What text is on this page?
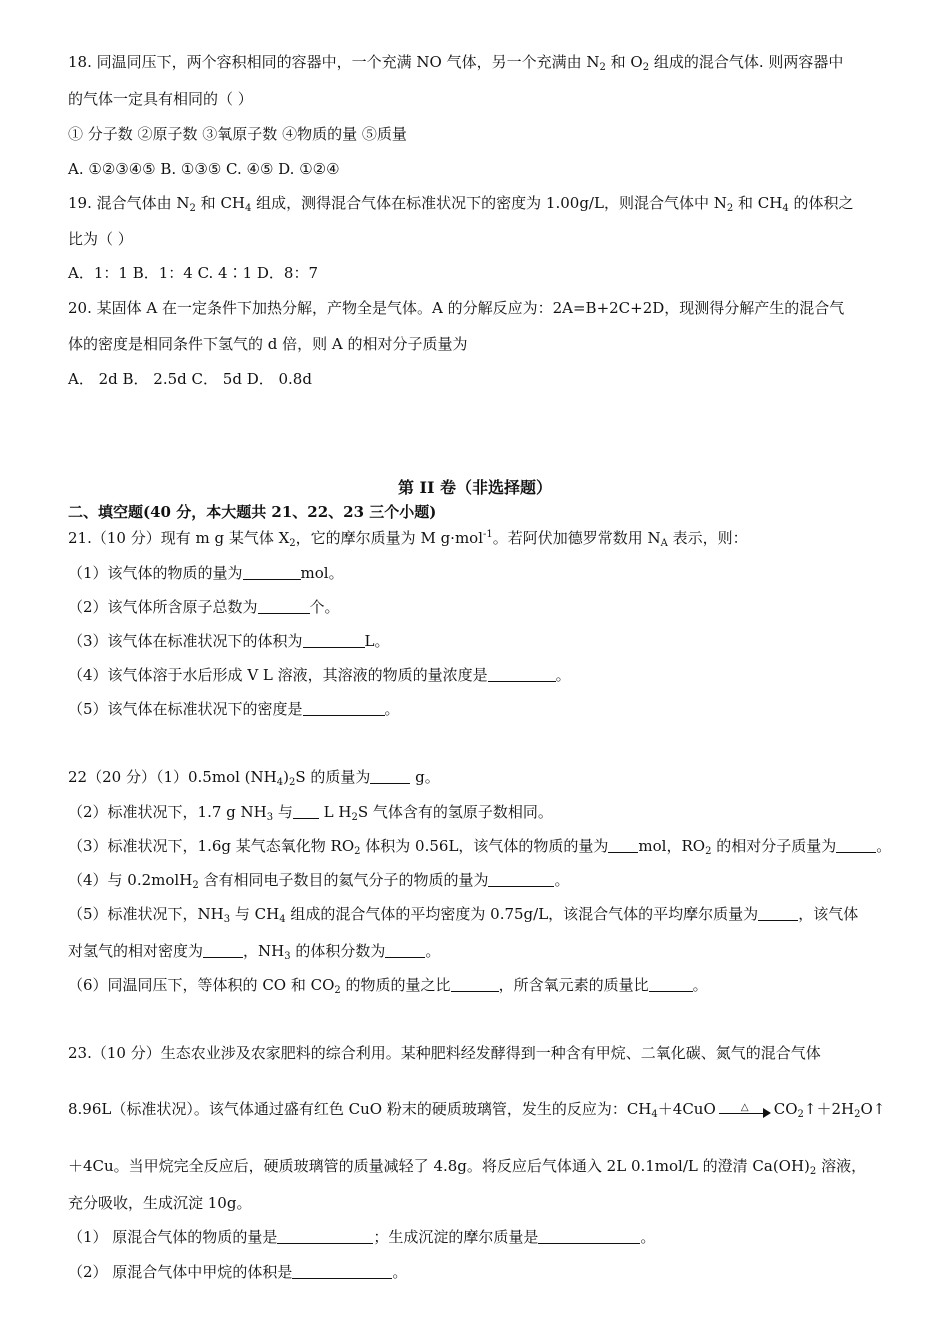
18. 同温同压下，两个容积相同的容器中，一个充满 NO 气体，另一个充满由 $N_2$ 和 $O_2$ 组成的混合气体. 则两容器中
的气体一定具有相同的（ ）
① 分子数 ②原子数 ③氧原子数 ④物质的量 ⑤质量
A. ①②③④⑤ B. ①③⑤ C. ④⑤ D. ①②④
19. 混合气体由 $N_2$ 和 $CH_4$ 组成，测得混合气体在标准状况下的密度为 1.00g/L，则混合气体中 $N_2$ 和 $CH_4$ 的体积之
比为（ ）
A．1：1 B．1：4 C. 4∶1 D．8：7
20. 某固体 A 在一定条件下加热分解，产物全是气体。A 的分解反应为：2A=B+2C+2D，现测得分解产生的混合气
体的密度是相同条件下氢气的 d 倍，则 A 的相对分子质量为
A． 2d B． 2.5d C． 5d D． 0.8d
第 II 卷（非选择题）
二、填空题(40 分，本大题共 21、22、23 三个小题)
21.（10 分）现有 m g 某气体 $X_2$，它的摩尔质量为 M g·mol$^{-1}$。若阿伏加德罗常数用 $N_A$ 表示，则：
（1）该气体的物质的量为	mol。
（2）该气体所含原子总数为	个。
（3）该气体在标准状况下的体积为	L。
（4）该气体溶于水后形成 V L 溶液，其溶液的物质的量浓度是	。
（5）该气体在标准状况下的密度是	。
22（20 分）（1）0.5mol $(NH_4)_2S$ 的质量为	g。
（2）标准状况下，1.7 g $NH_3$ 与 L $H_2S$ 气体含有的氢原子数相同。
（3）标准状况下，1.6g 某气态氧化物 $RO_2$ 体积为 0.56L，该气体的物质的量为 mol，$RO_2$ 的相对分子质量为	。
（4）与 0.2molH$_2$ 含有相同电子数目的氦气分子的物质的量为	。
（5）标准状况下，$NH_3$ 与 $CH_4$ 组成的混合气体的平均密度为 0.75g/L，该混合气体的平均摩尔质量为	，该气体
对氢气的相对密度为	，$NH_3$ 的体积分数为	。
（6）同温同压下，等体积的 CO 和 $CO_2$ 的物质的量之比	，所含氧元素的质量比	。
23.（10 分）生态农业涉及农家肥料的综合利用。某种肥料经发酵得到一种含有甲烷、二氧化碳、氮气的混合气体
8.96L（标准状况）。该气体通过盛有红色 CuO 粉末的硬质玻璃管，发生的反应为：$CH_4+4CuO$	△	$CO_2↑+2H_2O↑$
＋4Cu。当甲烷完全反应后，硬质玻璃管的质量减轻了 4.8g。将反应后气体通入 2L 0.1mol/L 的澄清 $Ca(OH)_2$ 溶液，
充分吸收，生成沉淀 10g。
（1） 原混合气体的物质的量是	；生成沉淀的摩尔质量是	。
（2） 原混合气体中甲烷的体积是	。
